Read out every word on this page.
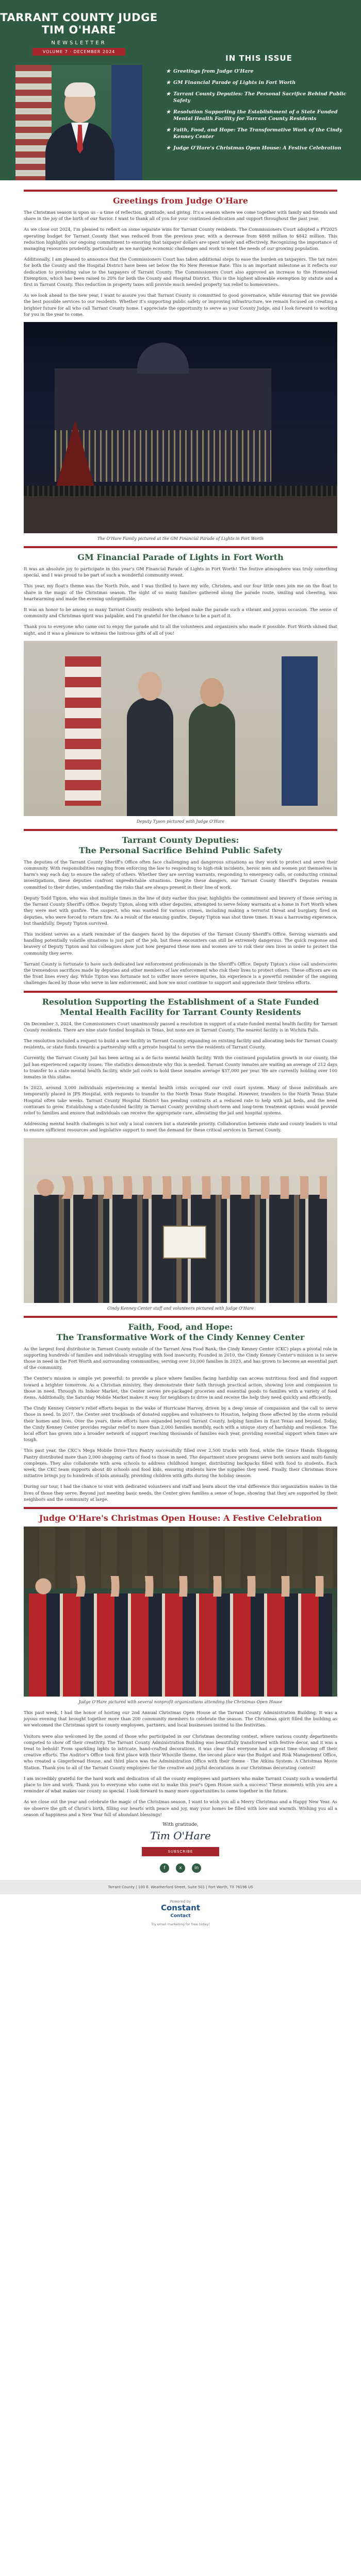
TARRANT COUNTY JUDGE
TIM O'HARE
NEWSLETTER
VOLUME 7 · DECEMBER 2024
IN THIS ISSUE
★ Greetings from Judge O'Hare
★ GM Financial Parade of Lights in Fort Worth
★ Tarrant County Deputies: The Personal Sacrifice Behind Public Safety
★ Resolution Supporting the Establishment of a State Funded Mental Health Facility for Tarrant County Residents
★ Faith, Food, and Hope: The Transformative Work of the Cindy Kenney Center
★ Judge O'Hare's Christmas Open House: A Festive Celebration
Greetings from Judge O'Hare

The Christmas season is upon us - a time of reflection, gratitude, and giving. It's a season where we come together with family and friends and share in the joy of the birth of our Savior. I want to thank all of you for your continued dedication and support throughout the past year.

As we close out 2024, I'm pleased to reflect on some separate wins for Tarrant County residents. The Commissioners Court adopted a FY2025 operating budget for Tarrant County that was reduced from the previous year, with a decrease from $868 million to $842 million. This reduction highlights our ongoing commitment to ensuring that taxpayer dollars are spent wisely and effectively. Recognizing the importance of managing resources prudently, particularly as we navigate economic challenges and work to meet the needs of our growing population.

Additionally, I am pleased to announce that the Commissioners Court has taken additional steps to ease the burden on taxpayers. The tax rates for both the County and the Hospital District have been set below the No New Revenue Rate. This is an important milestone as it reflects our dedication to providing value to the taxpayers of Tarrant County. The Commissioners Court also approved an increase to the Homestead Exemption, which has been raised to 20% for both the County and Hospital District. This is the highest allowable exemption by statute and a first in Tarrant County. This reduction in property taxes will provide much needed property tax relief to homeowners.

As we look ahead to the new year, I want to assure you that Tarrant County is committed to good governance, while ensuring that we provide the best possible services to our residents. Whether it's supporting public safety or improving infrastructure, we remain focused on creating a brighter future for all who call Tarrant County home. I appreciate the opportunity to serve as your County Judge, and I look forward to working for you in the year to come.

The O'Hare Family pictured at the GM Financial Parade of Lights in Fort Worth
GM Financial Parade of Lights in Fort Worth

It was an absolute joy to participate in this year's GM Financial Parade of Lights in Fort Worth! The festive atmosphere was truly something special, and I was proud to be part of such a wonderful community event.

This year, my float's theme was the North Pole, and I was thrilled to have my wife, Christen, and our four little ones join me on the float to share in the magic of the Christmas season. The sight of so many families gathered along the parade route, smiling and cheering, was heartwarming and made the evening unforgettable.

It was an honor to be among so many Tarrant County residents who helped make the parade such a vibrant and joyous occasion. The sense of community and Christmas spirit was palpable, and I'm grateful for the chance to be a part of it.

Thank you to everyone who came out to enjoy the parade and to all the volunteers and organizers who made it possible. Fort Worth shined that night, and it was a pleasure to witness the lustrous gifts of all of you!

Deputy Tyson pictured with Judge O'Hare
Tarrant County Deputies:
The Personal Sacrifice Behind Public Safety

The deputies of the Tarrant County Sheriff's Office often face challenging and dangerous situations as they work to protect and serve their community. With responsibilities ranging from enforcing the law to responding to high-risk incidents, heroic men and women put themselves in harm's way each day to ensure the safety of others. Whether they are serving warrants, responding to emergency calls, or conducting criminal investigations, these deputies confront unpredictable situations. Despite these dangers, our Tarrant County Sheriff's Deputies remain committed to their duties, understanding the risks that are always present in their line of work.

Deputy Todd Tipton, who was shot multiple times in the line of duty earlier this year, highlights the commitment and bravery of those serving in the Tarrant County Sheriff's Office. Deputy Tipton, along with other deputies, attempted to serve felony warrants at a home in Fort Worth when they were met with gunfire. The suspect, who was wanted for various crimes, including making a terrorist threat and burglary, fired on deputies, who were forced to return fire. As a result of the ensuing gunfire, Deputy Tipton was shot three times. It was a harrowing experience, but thankfully, Deputy Tipton survived.

This incident serves as a stark reminder of the dangers faced by the deputies of the Tarrant County Sheriff's Office. Serving warrants and handling potentially volatile situations is just part of the job, but these encounters can still be extremely dangerous. The quick response and bravery of Deputy Tipton and his colleagues show just how prepared these men and women are to risk their own lives in order to protect the community they serve.

Tarrant County is fortunate to have such dedicated law enforcement professionals in the Sheriff's Office. Deputy Tipton's close call underscores the tremendous sacrifices made by deputies and other members of law enforcement who risk their lives to protect others. These officers are on the front lines every day. While Tipton was fortunate not to suffer more severe injuries, his experience is a powerful reminder of the ongoing challenges faced by those who serve in law enforcement, and how we must continue to support and appreciate their tireless efforts.

Resolution Supporting the Establishment of a State Funded
Mental Health Facility for Tarrant County Residents

On December 3, 2024, the Commissioners Court unanimously passed a resolution in support of a state-funded mental health facility for Tarrant County residents. There are nine state funded hospitals in Texas, but none are in Tarrant County. The nearest facility is in Wichita Falls.

The resolution included a request to build a new facility in Tarrant County, expanding on existing facility and allocating beds for Tarrant County residents, or state funds towards a partnership with a private hospital to serve the residents of Tarrant County.

Currently, the Tarrant County Jail has been acting as a de facto mental health facility. With the continued population growth in our county, the jail has experienced capacity issues. The statistics demonstrate why this is needed. Tarrant County inmates are waiting an average of 212 days to transfer to a state mental health facility, while jail costs to hold these inmates average $37,000 per year. We are currently holding over 100 inmates in this status.

In 2023, around 3,000 individuals experiencing a mental health crisis occupied our civil court system. Many of those individuals are temporarily placed in JPS Hospital, with requests to transfer to the North Texas State Hospital. However, transfers to the North Texas State Hospital often take weeks. Tarrant County Hospital District has pending contracts at a reduced rate to help with jail beds, and the need continues to grow. Establishing a state-funded facility in Tarrant County providing short-term and long-term treatment options would provide relief to families and ensure that individuals can receive the appropriate care, alleviating the jail and hospital systems.

Addressing mental health challenges is not only a local concern but a statewide priority. Collaboration between state and county leaders is vital to ensure sufficient resources and legislative support to meet the demand for these critical services in Tarrant County.

Cindy Kenney Center staff and volunteers pictured with Judge O'Hare
Faith, Food, and Hope:
The Transformative Work of the Cindy Kenney Center

As the largest food distributor in Tarrant County outside of the Tarrant Area Food Bank, the Cindy Kenney Center (CKC) plays a pivotal role in supporting hundreds of families and individuals struggling with food insecurity. Founded in 2010, the Cindy Kenney Center's mission is to serve those in need in the Fort Worth and surrounding communities, serving over 10,000 families in 2023, and has grown to become an essential part of the community.

The Center's mission is simple yet powerful: to provide a place where families facing hardship can access nutritious food and find support toward a brighter tomorrow. As a Christian ministry, they demonstrate their faith through practical action, showing love and compassion to those in need. Through its Indoor Market, the Center serves pre-packaged groceries and essential goods to families with a variety of food items. Additionally, the Saturday Mobile Market makes it easy for neighbors to drive in and receive the help they need quickly and efficiently.

The Cindy Kenney Center's relief efforts began in the wake of Hurricane Harvey, driven by a deep sense of compassion and the call to serve those in need. In 2017, the Center sent truckloads of donated supplies and volunteers to Houston, helping those affected by the storm rebuild their homes and lives. Over the years, these efforts have expanded beyond Tarrant County, helping families in East Texas and beyond. Today, the Cindy Kenney Center provides regular relief to more than 2,000 families monthly, each with a unique story of hardship and resilience. The local effort has grown into a broader network of support reaching thousands of families each year, providing essential support when times are tough.

This past year, the CKC's Mega Mobile Drive-Thru Pantry successfully filled over 2,500 trucks with food, while the Grace Hands Shopping Pantry distributed more than 2,000 shopping carts of food to those in need. The department store programs serve both seniors and multi-family complexes. They also collaborate with area schools to address childhood hunger, distributing backpacks filled with food to students. Each week, the CKC team supports about 40 schools and food kids, ensuring students have the supplies they need. Finally, their Christmas Store initiative brings joy to hundreds of kids annually, providing children with gifts during the holiday season.

During our tour, I had the chance to visit with dedicated volunteers and staff and learn about the vital difference this organization makes in the lives of those they serve. Beyond just meeting basic needs, the Center gives families a sense of hope, showing that they are supported by their neighbors and the community at large.

Judge O'Hare's Christmas Open House: A Festive Celebration
Judge O'Hare pictured with several nonprofit organizations attending the Christmas Open House

This past week, I had the honor of hosting our 2nd Annual Christmas Open House at the Tarrant County Administration Building. It was a joyous evening that brought together more than 200 community members to celebrate the season. The Christmas spirit filled the building as we welcomed the Christmas spirit to county employees, partners, and local businesses invited to the festivities.

Visitors were also welcomed by the sound of those who participated in our Christmas decorating contest, where various county departments competed to show off their creativity. The Tarrant County Administration Building was beautifully transformed with festive decor, and it was a treat to behold! From sparkling lights to intricate, hand-crafted decorations, it was clear that everyone had a great time showing off their creative efforts. The Auditor's Office took first place with their Whoville theme, the second place was the Budget and Risk Management Office, who created a Gingerbread House, and third place was the Administration Office with their theme - The Atkins System: A Christmas Movie Station. Thank you to all of the Tarrant County employees for the creative and joyful decorations in our Christmas decorating contest!

I am incredibly grateful for the hard work and dedication of all the county employees and partners who make Tarrant County such a wonderful place to live and work. Thank you to everyone who came out to make this year's Open House such a success! These moments with you are a reminder of what makes our county so special. I look forward to many more opportunities to come together in the future.

As we close out the year and celebrate the magic of the Christmas season, I want to wish you all a Merry Christmas and a Happy New Year. As we observe the gift of Christ's birth, filling our hearts with peace and joy, may your homes be filled with love and warmth. Wishing you all a season of happiness and a New Year full of abundant blessings!

With gratitude,
Tim O'Hare
SUBSCRIBE
f	x	in
Tarrant County | 100 E. Weatherford Street, Suite 501 | Fort Worth, TX 76196 US
Powered by
Constant
Contact
Try email marketing for free today!
